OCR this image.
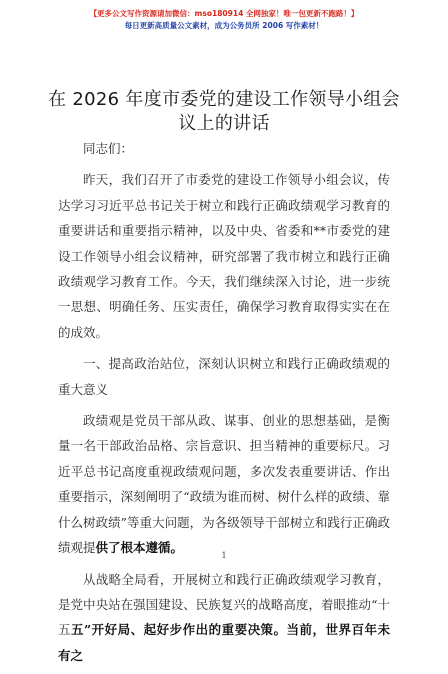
【更多公文写作资源请加微信：mso180914 全网独家！唯一包更新不跑路！】
每日更新高质量公文素材，成为公务员所 2006 写作素材！
在 2026 年度市委党的建设工作领导小组会议上的讲话

同志们：

昨天，我们召开了市委党的建设工作领导小组会议，传达学习习近平总书记关于树立和践行正确政绩观学习教育的重要讲话和重要指示精神，以及中央、省委和**市委党的建设工作领导小组会议精神，研究部署了我市树立和践行正确政绩观学习教育工作。今天，我们继续深入讨论，进一步统一思想、明确任务、压实责任，确保学习教育取得实实在在的成效。

一、提高政治站位，深刻认识树立和践行正确政绩观的重大意义

政绩观是党员干部从政、谋事、创业的思想基础，是衡量一名干部政治品格、宗旨意识、担当精神的重要标尺。习近平总书记高度重视政绩观问题，多次发表重要讲话、作出重要指示，深刻阐明了“政绩为谁而树、树什么样的政绩、靠什么树政绩”等重大问题，为各级领导干部树立和践行正确政绩观提供了根本遵循。

从战略全局看，开展树立和践行正确政绩观学习教育，是党中央站在强国建设、民族复兴的战略高度，着眼推动“十五五”开好局、起好步作出的重要决策。当前，世界百年未有之

1
